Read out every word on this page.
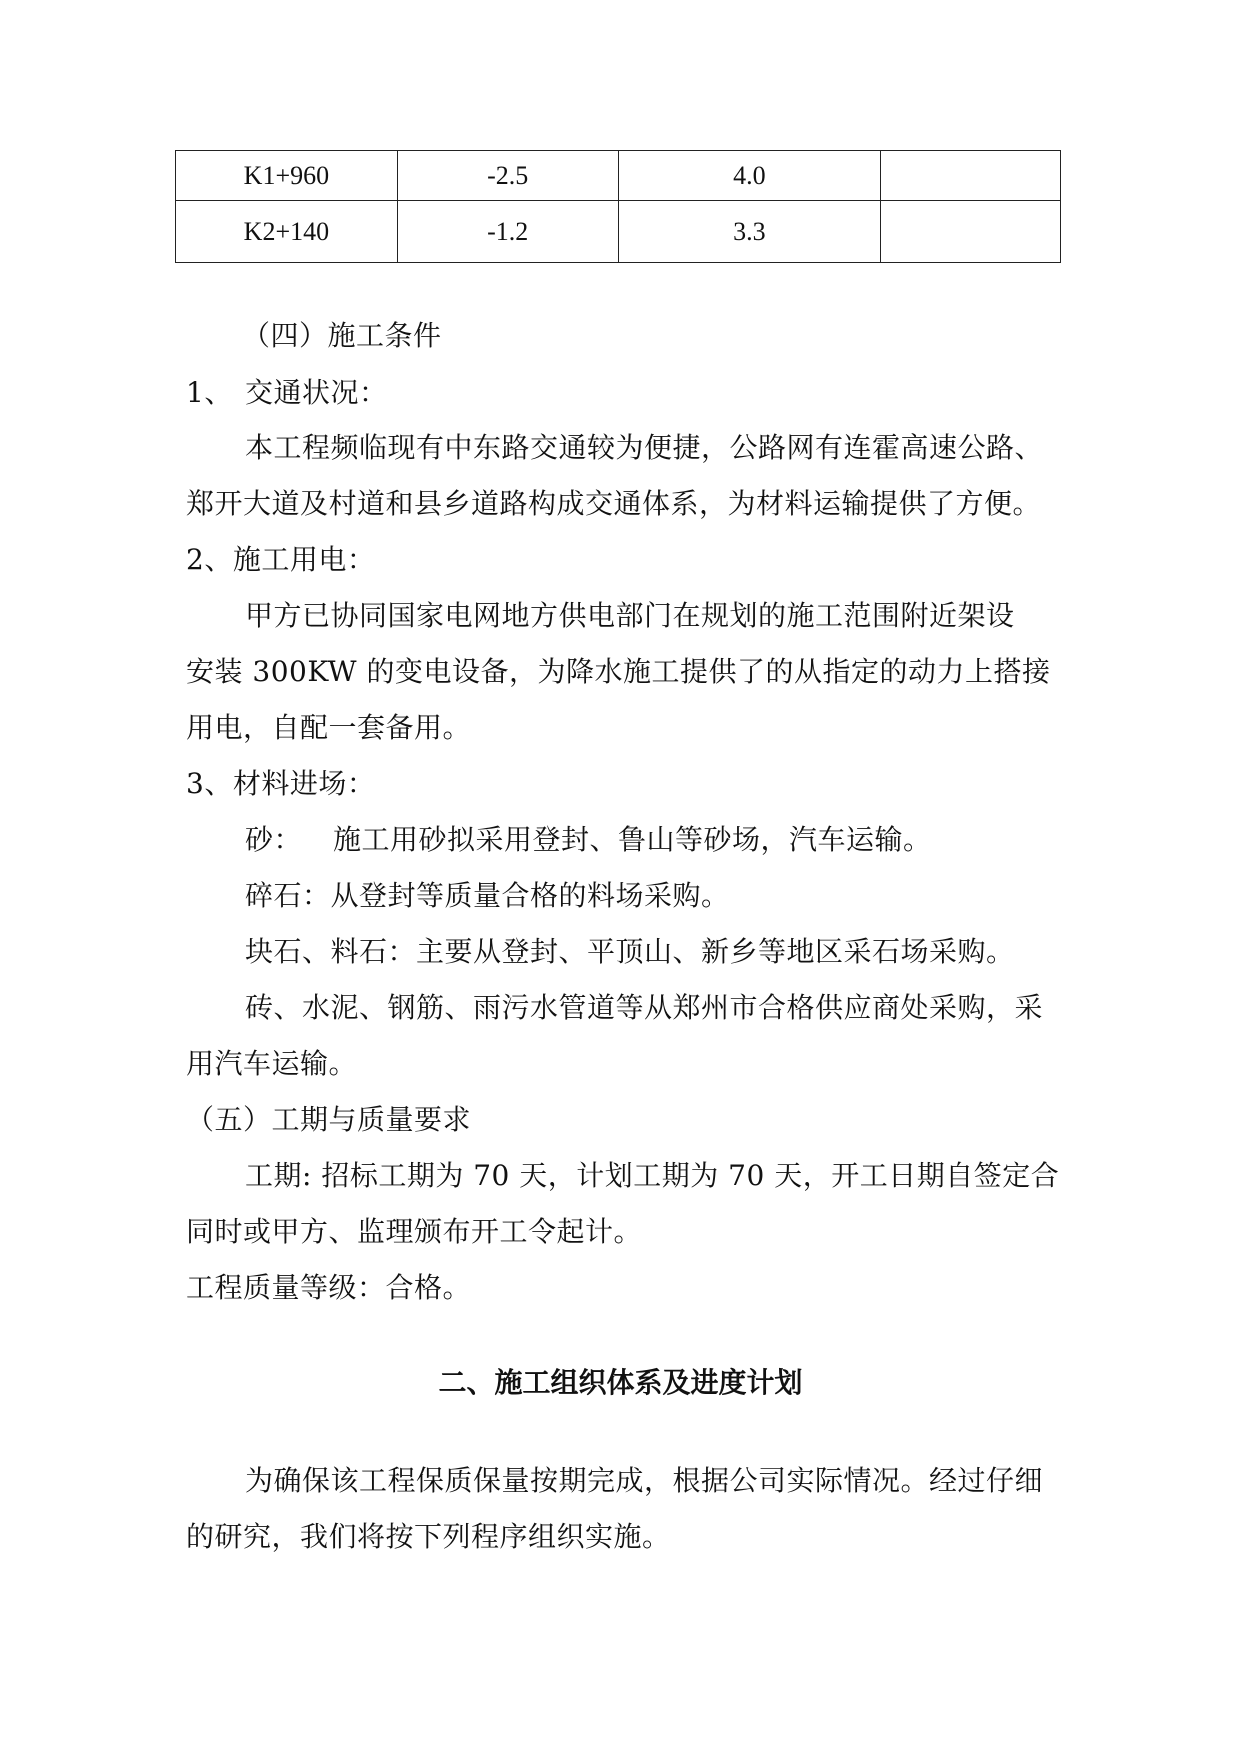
K1+960	-2.5	4.0	
K2+140	-1.2	3.3	
（四）施工条件
1、 交通状况：
本工程频临现有中东路交通较为便捷，公路网有连霍高速公路、
郑开大道及村道和县乡道路构成交通体系，为材料运输提供了方便。
2、施工用电：
甲方已协同国家电网地方供电部门在规划的施工范围附近架设
安装 300KW 的变电设备，为降水施工提供了的从指定的动力上搭接
用电，自配一套备用。
3、材料进场：
砂： 施工用砂拟采用登封、鲁山等砂场，汽车运输。
碎石：从登封等质量合格的料场采购。
块石、料石：主要从登封、平顶山、新乡等地区采石场采购。
砖、水泥、钢筋、雨污水管道等从郑州市合格供应商处采购，采
用汽车运输。
（五）工期与质量要求
工期: 招标工期为 70 天，计划工期为 70 天，开工日期自签定合
同时或甲方、监理颁布开工令起计。
工程质量等级：合格。
二、施工组织体系及进度计划
为确保该工程保质保量按期完成，根据公司实际情况。经过仔细
的研究，我们将按下列程序组织实施。
